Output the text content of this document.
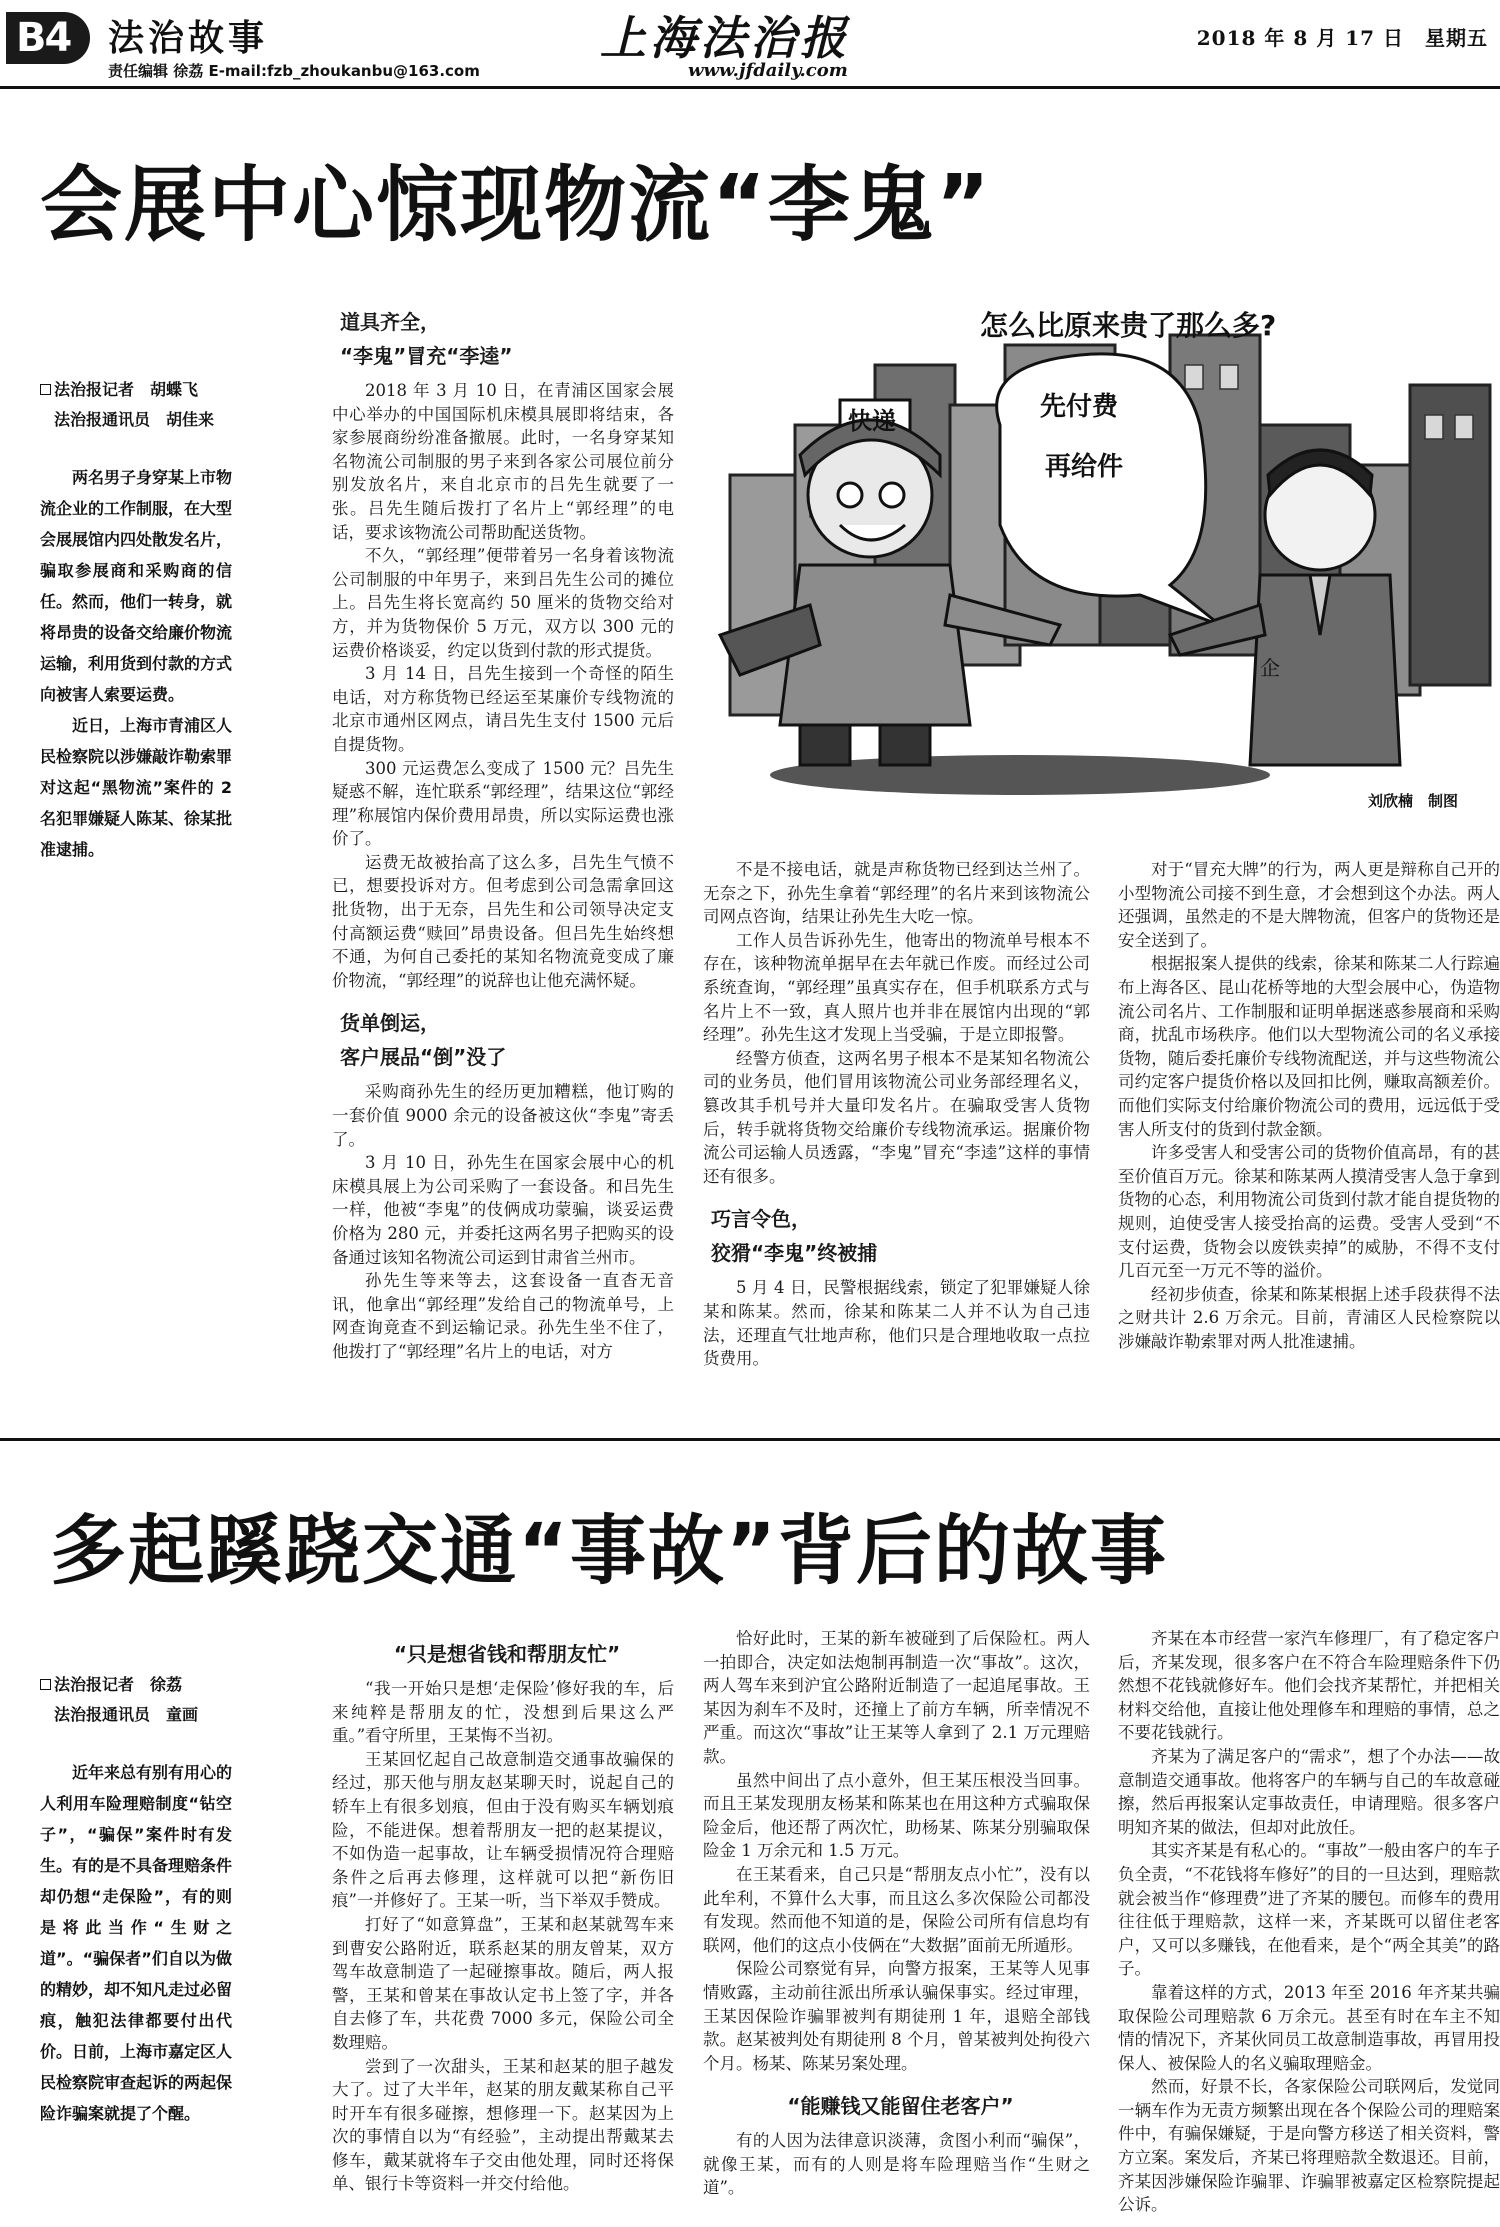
B4	法治故事
责任编辑 徐荔 E-mail:fzb_zhoukanbu@163.com
上海法治报
www.jfdaily.com
2018 年 8 月 17 日　星期五
会展中心惊现物流“李鬼”
法治报记者　胡蝶飞
法治报通讯员　胡佳来

两名男子身穿某上市物流企业的工作制服，在大型会展展馆内四处散发名片，骗取参展商和采购商的信任。然而，他们一转身，就将昂贵的设备交给廉价物流运输，利用货到付款的方式向被害人索要运费。

近日，上海市青浦区人民检察院以涉嫌敲诈勒索罪对这起“黑物流”案件的 2 名犯罪嫌疑人陈某、徐某批准逮捕。

道具齐全，
“李鬼”冒充“李逵”

2018 年 3 月 10 日，在青浦区国家会展中心举办的中国国际机床模具展即将结束，各家参展商纷纷准备撤展。此时，一名身穿某知名物流公司制服的男子来到各家公司展位前分别发放名片，来自北京市的吕先生就要了一张。吕先生随后拨打了名片上“郭经理”的电话，要求该物流公司帮助配送货物。

不久，“郭经理”便带着另一名身着该物流公司制服的中年男子，来到吕先生公司的摊位上。吕先生将长宽高约 50 厘米的货物交给对方，并为货物保价 5 万元，双方以 300 元的运费价格谈妥，约定以货到付款的形式提货。

3 月 14 日，吕先生接到一个奇怪的陌生电话，对方称货物已经运至某廉价专线物流的北京市通州区网点，请吕先生支付 1500 元后自提货物。

300 元运费怎么变成了 1500 元？吕先生疑惑不解，连忙联系“郭经理”，结果这位“郭经理”称展馆内保价费用昂贵，所以实际运费也涨价了。

运费无故被抬高了这么多，吕先生气愤不已，想要投诉对方。但考虑到公司急需拿回这批货物，出于无奈，吕先生和公司领导决定支付高额运费“赎回”昂贵设备。但吕先生始终想不通，为何自己委托的某知名物流竟变成了廉价物流，“郭经理”的说辞也让他充满怀疑。

货单倒运，
客户展品“倒”没了

采购商孙先生的经历更加糟糕，他订购的一套价值 9000 余元的设备被这伙“李鬼”寄丢了。

3 月 10 日，孙先生在国家会展中心的机床模具展上为公司采购了一套设备。和吕先生一样，他被“李鬼”的伎俩成功蒙骗，谈妥运费价格为 280 元，并委托这两名男子把购买的设备通过该知名物流公司运到甘肃省兰州市。

孙先生等来等去，这套设备一直杳无音讯，他拿出“郭经理”发给自己的物流单号，上网查询竟查不到运输记录。孙先生坐不住了，他拨打了“郭经理”名片上的电话，对方

企
怎么比原来贵了那么多?
快递	先付费
再给件
刘欣楠　制图

不是不接电话，就是声称货物已经到达兰州了。无奈之下，孙先生拿着“郭经理”的名片来到该物流公司网点咨询，结果让孙先生大吃一惊。

工作人员告诉孙先生，他寄出的物流单号根本不存在，该种物流单据早在去年就已作废。而经过公司系统查询，“郭经理”虽真实存在，但手机联系方式与名片上不一致，真人照片也并非在展馆内出现的“郭经理”。孙先生这才发现上当受骗，于是立即报警。

经警方侦查，这两名男子根本不是某知名物流公司的业务员，他们冒用该物流公司业务部经理名义，篡改其手机号并大量印发名片。在骗取受害人货物后，转手就将货物交给廉价专线物流承运。据廉价物流公司运输人员透露，“李鬼”冒充“李逵”这样的事情还有很多。

巧言令色，
狡猾“李鬼”终被捕

5 月 4 日，民警根据线索，锁定了犯罪嫌疑人徐某和陈某。然而，徐某和陈某二人并不认为自己违法，还理直气壮地声称，他们只是合理地收取一点拉货费用。

对于“冒充大牌”的行为，两人更是辩称自己开的小型物流公司接不到生意，才会想到这个办法。两人还强调，虽然走的不是大牌物流，但客户的货物还是安全送到了。

根据报案人提供的线索，徐某和陈某二人行踪遍布上海各区、昆山花桥等地的大型会展中心，伪造物流公司名片、工作制服和证明单据迷惑参展商和采购商，扰乱市场秩序。他们以大型物流公司的名义承接货物，随后委托廉价专线物流配送，并与这些物流公司约定客户提货价格以及回扣比例，赚取高额差价。而他们实际支付给廉价物流公司的费用，远远低于受害人所支付的货到付款金额。

许多受害人和受害公司的货物价值高昂，有的甚至价值百万元。徐某和陈某两人摸清受害人急于拿到货物的心态，利用物流公司货到付款才能自提货物的规则，迫使受害人接受抬高的运费。受害人受到“不支付运费，货物会以废铁卖掉”的威胁，不得不支付几百元至一万元不等的溢价。

经初步侦查，徐某和陈某根据上述手段获得不法之财共计 2.6 万余元。目前，青浦区人民检察院以涉嫌敲诈勒索罪对两人批准逮捕。

多起蹊跷交通“事故”背后的故事
法治报记者　徐荔
法治报通讯员　童画

近年来总有别有用心的人利用车险理赔制度“钻空子”，“骗保”案件时有发生。有的是不具备理赔条件却仍想“走保险”，有的则是将此当作“生财之道”。“骗保者”们自以为做的精妙，却不知凡走过必留痕，触犯法律都要付出代价。日前，上海市嘉定区人民检察院审查起诉的两起保险诈骗案就提了个醒。

“只是想省钱和帮朋友忙”

“我一开始只是想‘走保险’修好我的车，后来纯粹是帮朋友的忙，没想到后果这么严重。”看守所里，王某悔不当初。

王某回忆起自己故意制造交通事故骗保的经过，那天他与朋友赵某聊天时，说起自己的轿车上有很多划痕，但由于没有购买车辆划痕险，不能进保。想着帮朋友一把的赵某提议，不如伪造一起事故，让车辆受损情况符合理赔条件之后再去修理，这样就可以把“新伤旧痕”一并修好了。王某一听，当下举双手赞成。

打好了“如意算盘”，王某和赵某就驾车来到曹安公路附近，联系赵某的朋友曾某，双方驾车故意制造了一起碰擦事故。随后，两人报警，王某和曾某在事故认定书上签了字，并各自去修了车，共花费 7000 多元，保险公司全数理赔。

尝到了一次甜头，王某和赵某的胆子越发大了。过了大半年，赵某的朋友戴某称自己平时开车有很多碰擦，想修理一下。赵某因为上次的事情自以为“有经验”，主动提出帮戴某去修车，戴某就将车子交由他处理，同时还将保单、银行卡等资料一并交付给他。

恰好此时，王某的新车被碰到了后保险杠。两人一拍即合，决定如法炮制再制造一次“事故”。这次，两人驾车来到沪宜公路附近制造了一起追尾事故。王某因为刹车不及时，还撞上了前方车辆，所幸情况不严重。而这次“事故”让王某等人拿到了 2.1 万元理赔款。

虽然中间出了点小意外，但王某压根没当回事。而且王某发现朋友杨某和陈某也在用这种方式骗取保险金后，他还帮了两次忙，助杨某、陈某分别骗取保险金 1 万余元和 1.5 万元。

在王某看来，自己只是“帮朋友点小忙”，没有以此牟利，不算什么大事，而且这么多次保险公司都没有发现。然而他不知道的是，保险公司所有信息均有联网，他们的这点小伎俩在“大数据”面前无所遁形。

保险公司察觉有异，向警方报案，王某等人见事情败露，主动前往派出所承认骗保事实。经过审理，王某因保险诈骗罪被判有期徒刑 1 年，退赔全部钱款。赵某被判处有期徒刑 8 个月，曾某被判处拘役六个月。杨某、陈某另案处理。

“能赚钱又能留住老客户”

有的人因为法律意识淡薄，贪图小利而“骗保”，就像王某，而有的人则是将车险理赔当作“生财之道”。

齐某在本市经营一家汽车修理厂，有了稳定客户后，齐某发现，很多客户在不符合车险理赔条件下仍然想不花钱就修好车。他们会找齐某帮忙，并把相关材料交给他，直接让他处理修车和理赔的事情，总之不要花钱就行。

齐某为了满足客户的“需求”，想了个办法——故意制造交通事故。他将客户的车辆与自己的车故意碰擦，然后再报案认定事故责任，申请理赔。很多客户明知齐某的做法，但却对此放任。

其实齐某是有私心的。“事故”一般由客户的车子负全责，“不花钱将车修好”的目的一旦达到，理赔款就会被当作“修理费”进了齐某的腰包。而修车的费用往往低于理赔款，这样一来，齐某既可以留住老客户，又可以多赚钱，在他看来，是个“两全其美”的路子。

靠着这样的方式，2013 年至 2016 年齐某共骗取保险公司理赔款 6 万余元。甚至有时在车主不知情的情况下，齐某伙同员工故意制造事故，再冒用投保人、被保险人的名义骗取理赔金。

然而，好景不长，各家保险公司联网后，发觉同一辆车作为无责方频繁出现在各个保险公司的理赔案件中，有骗保嫌疑，于是向警方移送了相关资料，警方立案。案发后，齐某已将理赔款全数退还。目前，齐某因涉嫌保险诈骗罪、诈骗罪被嘉定区检察院提起公诉。
